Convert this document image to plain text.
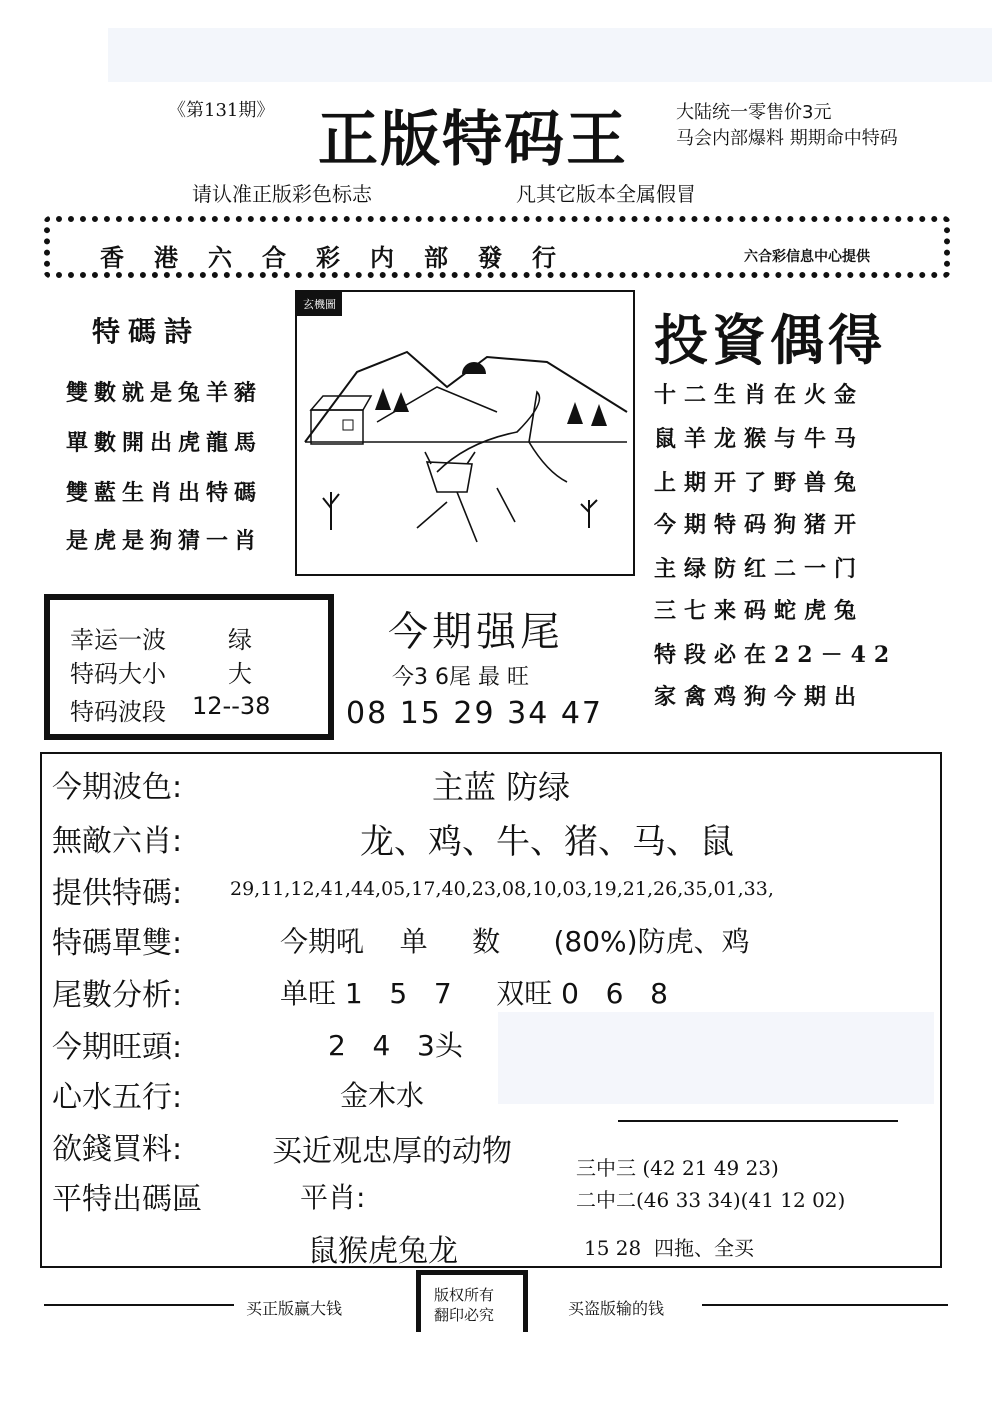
《第131期》 正版特码王	大陆统一零售价3元
马会内部爆料 期期命中特码
请认准正版彩色标志	凡其它版本全属假冒
香港六合彩内部發行	六合彩信息中心提供
特碼詩
雙數就是兔羊豬
單數開出虎龍馬
雙藍生肖出特碼
是虎是狗猜一肖
玄機圖
投資偶得
十二生肖在火金
鼠羊龙猴与牛马
上期开了野兽兔
今期特码狗猪开
主绿防红二一门
三七来码蛇虎兔
特段必在22－42
家禽鸡狗今期出
幸运一波	绿
特码大小	大
特码波段 12--38
今期强尾
今3 6尾 最 旺
08 15 29 34 47
今期波色:	主蓝 防绿
無敵六肖:	龙、鸡、牛、猪、马、鼠
提供特碼:	29,11,12,41,44,05,17,40,23,08,10,03,19,21,26,35,01,33,
特碼單雙:	今期吼    单     数      (80%)防虎、鸡
尾數分析:	单旺 1   5   7     双旺 0   6   8
今期旺頭:	2   4   3头
心水五行:	金木水
欲錢買料:	买近观忠厚的动物
平特出碼區	平肖:
鼠猴虎兔龙
三中三 (42 21 49 23)
二中二(46 33 34)(41 12 02)
15 28  四拖、全买
买正版赢大钱
版权所有
翻印必究	买盗版输的钱
